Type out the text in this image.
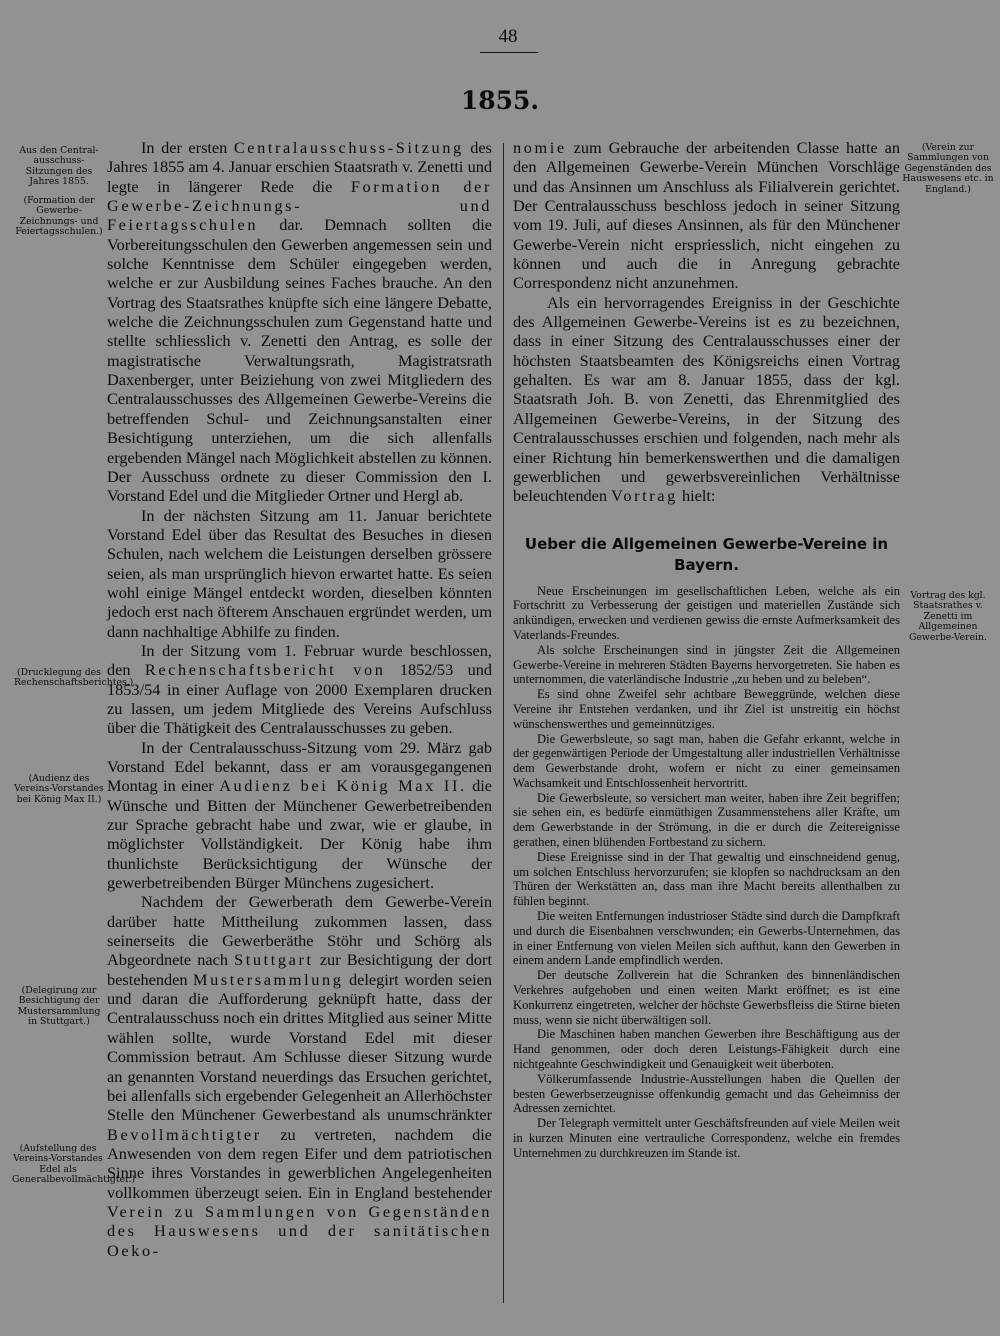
48
1855.
Aus den Central-ausschuss-Sitzungen des Jahres 1855.
(Formation der Gewerbe-Zeichnungs- und Feiertagsschulen.)
(Drucklegung des Rechenschaftsberichtes.)
(Audienz des Vereins-Vorstandes bei König Max II.)
(Delegirung zur Besichtigung der Mustersammlung in Stuttgart.)
(Aufstellung des Vereins-Vorstandes Edel als Generalbevollmächtigter.)
(Verein zur Sammlungen von Gegenständen des Hauswesens etc. in England.)
Vortrag des kgl. Staatsrathes v. Zenetti im Allgemeinen Gewerbe-Verein.

In der ersten Centralausschuss-Sitzung des Jahres 1855 am 4. Januar erschien Staatsrath v. Zenetti und legte in längerer Rede die Formation der Gewerbe-Zeichnungs- und Feiertagsschulen dar. Demnach sollten die Vorbereitungsschulen den Gewerben angemessen sein und solche Kenntnisse dem Schüler eingegeben werden, welche er zur Ausbildung seines Faches brauche. An den Vortrag des Staatsrathes knüpfte sich eine längere Debatte, welche die Zeichnungsschulen zum Gegenstand hatte und stellte schliesslich v. Zenetti den Antrag, es solle der magistratische Verwaltungsrath, Magistratsrath Daxenberger, unter Beiziehung von zwei Mitgliedern des Centralausschusses des Allgemeinen Gewerbe-Vereins die betreffenden Schul- und Zeichnungsanstalten einer Besichtigung unterziehen, um die sich allenfalls ergebenden Mängel nach Möglichkeit abstellen zu können. Der Ausschuss ordnete zu dieser Commission den I. Vorstand Edel und die Mitglieder Ortner und Hergl ab.

In der nächsten Sitzung am 11. Januar berichtete Vorstand Edel über das Resultat des Besuches in diesen Schulen, nach welchem die Leistungen derselben grössere seien, als man ursprünglich hievon erwartet hatte. Es seien wohl einige Mängel entdeckt worden, dieselben könnten jedoch erst nach öfterem Anschauen ergründet werden, um dann nachhaltige Abhilfe zu finden.

In der Sitzung vom 1. Februar wurde beschlossen, den Rechenschaftsbericht von 1852/53 und 1853/54 in einer Auflage von 2000 Exemplaren drucken zu lassen, um jedem Mitgliede des Vereins Aufschluss über die Thätigkeit des Centralausschusses zu geben.

In der Centralausschuss-Sitzung vom 29. März gab Vorstand Edel bekannt, dass er am vorausgegangenen Montag in einer Audienz bei König Max II. die Wünsche und Bitten der Münchener Gewerbetreibenden zur Sprache gebracht habe und zwar, wie er glaube, in möglichster Vollständigkeit. Der König habe ihm thunlichste Berücksichtigung der Wünsche der gewerbetreibenden Bürger Münchens zugesichert.

Nachdem der Gewerberath dem Gewerbe-Verein darüber hatte Mittheilung zukommen lassen, dass seinerseits die Gewerberäthe Stöhr und Schörg als Abgeordnete nach Stuttgart zur Besichtigung der dort bestehenden Mustersammlung delegirt worden seien und daran die Aufforderung geknüpft hatte, dass der Centralausschuss noch ein drittes Mitglied aus seiner Mitte wählen sollte, wurde Vorstand Edel mit dieser Commission betraut. Am Schlusse dieser Sitzung wurde an genannten Vorstand neuerdings das Ersuchen gerichtet, bei allenfalls sich ergebender Gelegenheit an Allerhöchster Stelle den Münchener Gewerbestand als unumschränkter Bevollmächtigter zu vertreten, nachdem die Anwesenden von dem regen Eifer und dem patriotischen Sinne ihres Vorstandes in gewerblichen Angelegenheiten vollkommen überzeugt seien. Ein in England bestehender Verein zu Sammlungen von Gegenständen des Hauswesens und der sanitätischen Oeko-

nomie zum Gebrauche der arbeitenden Classe hatte an den Allgemeinen Gewerbe-Verein München Vorschläge und das Ansinnen um Anschluss als Filialverein gerichtet. Der Centralausschuss beschloss jedoch in seiner Sitzung vom 19. Juli, auf dieses Ansinnen, als für den Münchener Gewerbe-Verein nicht erspriesslich, nicht eingehen zu können und auch die in Anregung gebrachte Correspondenz nicht anzunehmen.

Als ein hervorragendes Ereigniss in der Geschichte des Allgemeinen Gewerbe-Vereins ist es zu bezeichnen, dass in einer Sitzung des Centralausschusses einer der höchsten Staatsbeamten des Königsreichs einen Vortrag gehalten. Es war am 8. Januar 1855, dass der kgl. Staatsrath Joh. B. von Zenetti, das Ehrenmitglied des Allgemeinen Gewerbe-Vereins, in der Sitzung des Centralausschusses erschien und folgenden, nach mehr als einer Richtung hin bemerkenswerthen und die damaligen gewerblichen und gewerbsvereinlichen Verhältnisse beleuchtenden Vortrag hielt:

Ueber die Allgemeinen Gewerbe-Vereine in Bayern.

Neue Erscheinungen im gesellschaftlichen Leben, welche als ein Fortschritt zu Verbesserung der geistigen und materiellen Zustände sich ankündigen, erwecken und verdienen gewiss die ernste Aufmerksamkeit des Vaterlands-Freundes.

Als solche Erscheinungen sind in jüngster Zeit die Allgemeinen Gewerbe-Vereine in mehreren Städten Bayerns hervorgetreten. Sie haben es unternommen, die vaterländische Industrie „zu heben und zu beleben“.

Es sind ohne Zweifel sehr achtbare Beweggründe, welchen diese Vereine ihr Entstehen verdanken, und ihr Ziel ist unstreitig ein höchst wünschenswerthes und gemeinnütziges.

Die Gewerbsleute, so sagt man, haben die Gefahr erkannt, welche in der gegenwärtigen Periode der Umgestaltung aller industriellen Verhältnisse dem Gewerbstande droht, wofern er nicht zu einer gemeinsamen Wachsamkeit und Entschlossenheit hervortritt.

Die Gewerbsleute, so versichert man weiter, haben ihre Zeit begriffen; sie sehen ein, es bedürfe einmüthigen Zusammenstehens aller Kräfte, um dem Gewerbstande in der Strömung, in die er durch die Zeitereignisse gerathen, einen blühenden Fortbestand zu sichern.

Diese Ereignisse sind in der That gewaltig und einschneidend genug, um solchen Entschluss hervorzurufen; sie klopfen so nachdrucksam an den Thüren der Werkstätten an, dass man ihre Macht bereits allenthalben zu fühlen beginnt.

Die weiten Entfernungen industrioser Städte sind durch die Dampfkraft und durch die Eisenbahnen verschwunden; ein Gewerbs-Unternehmen, das in einer Entfernung von vielen Meilen sich aufthut, kann den Gewerben in einem andern Lande empfindlich werden.

Der deutsche Zollverein hat die Schranken des binnenländischen Verkehres aufgehoben und einen weiten Markt eröffnet; es ist eine Konkurrenz eingetreten, welcher der höchste Gewerbsfleiss die Stirne bieten muss, wenn sie nicht überwältigen soll.

Die Maschinen haben manchen Gewerben ihre Beschäftigung aus der Hand genommen, oder doch deren Leistungs-Fähigkeit durch eine nichtgeahnte Geschwindigkeit und Genauigkeit weit überboten.

Völkerumfassende Industrie-Ausstellungen haben die Quellen der besten Gewerbserzeugnisse offenkundig gemacht und das Geheimniss der Adressen zernichtet.

Der Telegraph vermittelt unter Geschäftsfreunden auf viele Meilen weit in kurzen Minuten eine vertrauliche Correspondenz, welche ein fremdes Unternehmen zu durchkreuzen im Stande ist.
